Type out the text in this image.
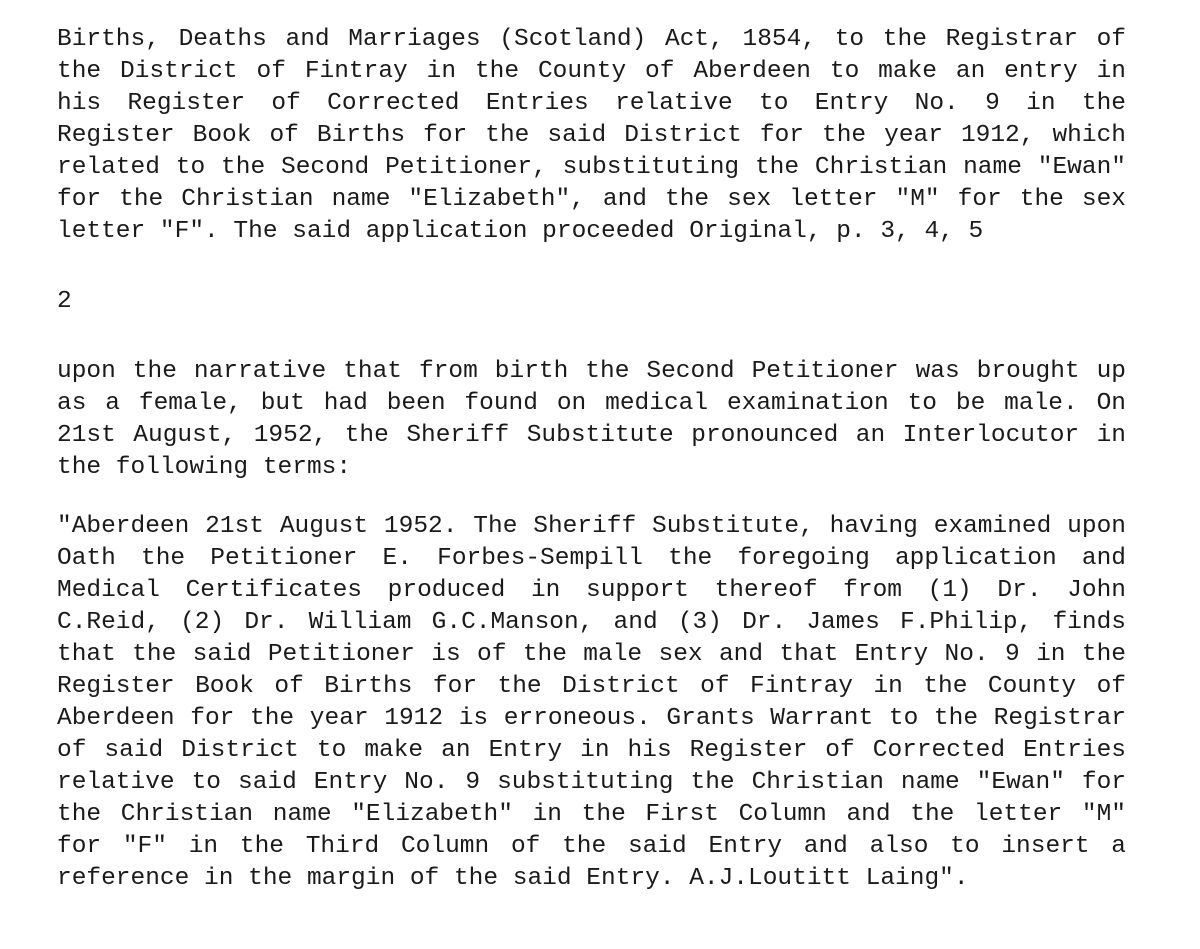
Births, Deaths and Marriages (Scotland) Act, 1854, to the Registrar of the District of Fintray in the County of Aberdeen to make an entry in his Register of Corrected Entries relative to Entry No. 9 in the Register Book of Births for the said District for the year 1912, which related to the Second Petitioner, substituting the Christian name "Ewan" for the Christian name "Elizabeth", and the sex letter "M" for the sex letter "F". The said application proceeded Original, p. 3, 4, 5

2

upon the narrative that from birth the Second Petitioner was brought up as a female, but had been found on medical examination to be male. On 21st August, 1952, the Sheriff Substitute pronounced an Interlocutor in the following terms:

"Aberdeen 21st August 1952. The Sheriff Substitute, having examined upon Oath the Petitioner E. Forbes-Sempill the foregoing application and Medical Certificates produced in support thereof from (1) Dr. John C.Reid, (2) Dr. William G.C.Manson, and (3) Dr. James F.Philip, finds that the said Petitioner is of the male sex and that Entry No. 9 in the Register Book of Births for the District of Fintray in the County of Aberdeen for the year 1912 is erroneous. Grants Warrant to the Registrar of said District to make an Entry in his Register of Corrected Entries relative to said Entry No. 9 substituting the Christian name "Ewan" for the Christian name "Elizabeth" in the First Column and the letter "M" for "F" in the Third Column of the said Entry and also to insert a reference in the margin of the said Entry. A.J.Loutitt Laing".
